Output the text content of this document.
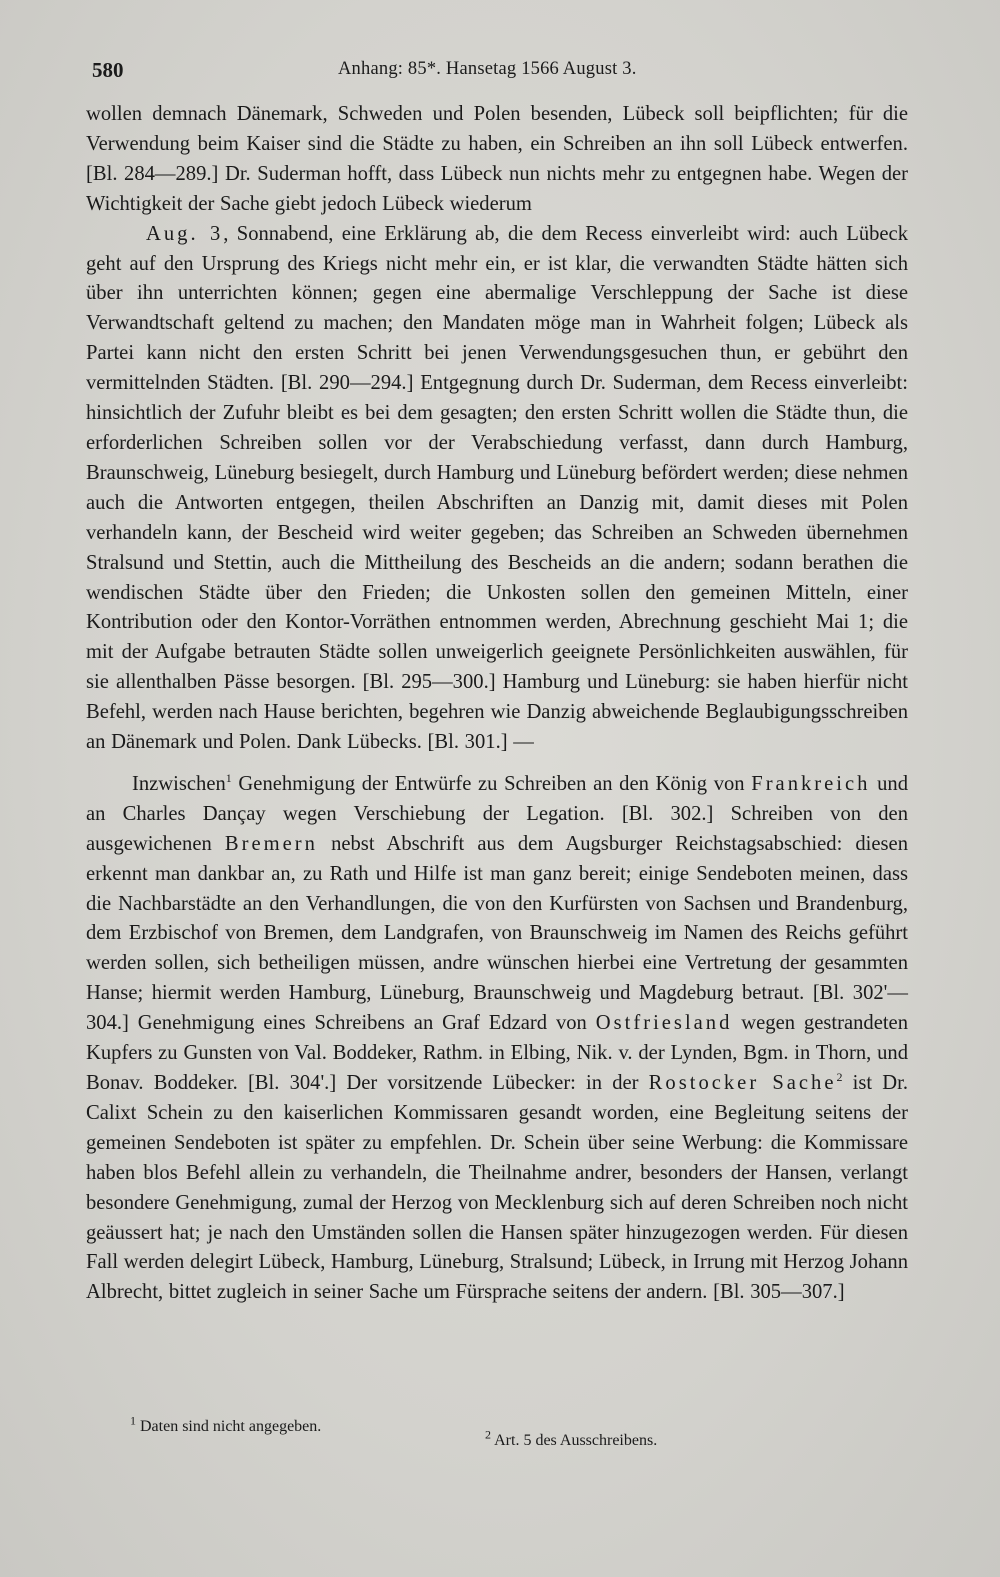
580	Anhang: 85*. Hansetag 1566 August 3.

wollen demnach Dänemark, Schweden und Polen besenden, Lübeck soll beipflichten; für die Verwendung beim Kaiser sind die Städte zu haben, ein Schreiben an ihn soll Lübeck entwerfen. [Bl. 284—289.] Dr. Suderman hofft, dass Lübeck nun nichts mehr zu entgegnen habe. Wegen der Wichtigkeit der Sache giebt jedoch Lübeck wiederum

Aug. 3, Sonnabend, eine Erklärung ab, die dem Recess einverleibt wird: auch Lübeck geht auf den Ursprung des Kriegs nicht mehr ein, er ist klar, die verwandten Städte hätten sich über ihn unterrichten können; gegen eine abermalige Verschleppung der Sache ist diese Verwandtschaft geltend zu machen; den Mandaten möge man in Wahrheit folgen; Lübeck als Partei kann nicht den ersten Schritt bei jenen Verwendungsgesuchen thun, er gebührt den vermittelnden Städten. [Bl. 290—294.] Entgegnung durch Dr. Suderman, dem Recess einverleibt: hinsichtlich der Zufuhr bleibt es bei dem gesagten; den ersten Schritt wollen die Städte thun, die erforderlichen Schreiben sollen vor der Verabschiedung verfasst, dann durch Hamburg, Braunschweig, Lüneburg besiegelt, durch Hamburg und Lüneburg befördert werden; diese nehmen auch die Antworten entgegen, theilen Abschriften an Danzig mit, damit dieses mit Polen verhandeln kann, der Bescheid wird weiter gegeben; das Schreiben an Schweden übernehmen Stralsund und Stettin, auch die Mittheilung des Bescheids an die andern; sodann berathen die wendischen Städte über den Frieden; die Unkosten sollen den gemeinen Mitteln, einer Kontribution oder den Kontor-Vorräthen entnommen werden, Abrechnung geschieht Mai 1; die mit der Aufgabe betrauten Städte sollen unweigerlich geeignete Persönlichkeiten auswählen, für sie allenthalben Pässe besorgen. [Bl. 295—300.] Hamburg und Lüneburg: sie haben hierfür nicht Befehl, werden nach Hause berichten, begehren wie Danzig abweichende Beglaubigungsschreiben an Dänemark und Polen. Dank Lübecks. [Bl. 301.] —

Inzwischen$^1$ Genehmigung der Entwürfe zu Schreiben an den König von Frankreich und an Charles Dançay wegen Verschiebung der Legation. [Bl. 302.] Schreiben von den ausgewichenen Bremern nebst Abschrift aus dem Augsburger Reichstagsabschied: diesen erkennt man dankbar an, zu Rath und Hilfe ist man ganz bereit; einige Sendeboten meinen, dass die Nachbarstädte an den Verhandlungen, die von den Kurfürsten von Sachsen und Brandenburg, dem Erzbischof von Bremen, dem Landgrafen, von Braunschweig im Namen des Reichs geführt werden sollen, sich betheiligen müssen, andre wünschen hierbei eine Vertretung der gesammten Hanse; hiermit werden Hamburg, Lüneburg, Braunschweig und Magdeburg betraut. [Bl. 302'—304.] Genehmigung eines Schreibens an Graf Edzard von Ostfriesland wegen gestrandeten Kupfers zu Gunsten von Val. Boddeker, Rathm. in Elbing, Nik. v. der Lynden, Bgm. in Thorn, und Bonav. Boddeker. [Bl. 304'.] Der vorsitzende Lübecker: in der Rostocker Sache$^2$ ist Dr. Calixt Schein zu den kaiserlichen Kommissaren gesandt worden, eine Begleitung seitens der gemeinen Sendeboten ist später zu empfehlen. Dr. Schein über seine Werbung: die Kommissare haben blos Befehl allein zu verhandeln, die Theilnahme andrer, besonders der Hansen, verlangt besondere Genehmigung, zumal der Herzog von Mecklenburg sich auf deren Schreiben noch nicht geäussert hat; je nach den Umständen sollen die Hansen später hinzugezogen werden. Für diesen Fall werden delegirt Lübeck, Hamburg, Lüneburg, Stralsund; Lübeck, in Irrung mit Herzog Johann Albrecht, bittet zugleich in seiner Sache um Fürsprache seitens der andern. [Bl. 305—307.]

$^1$ Daten sind nicht angegeben.	$^2$ Art. 5 des Ausschreibens.
